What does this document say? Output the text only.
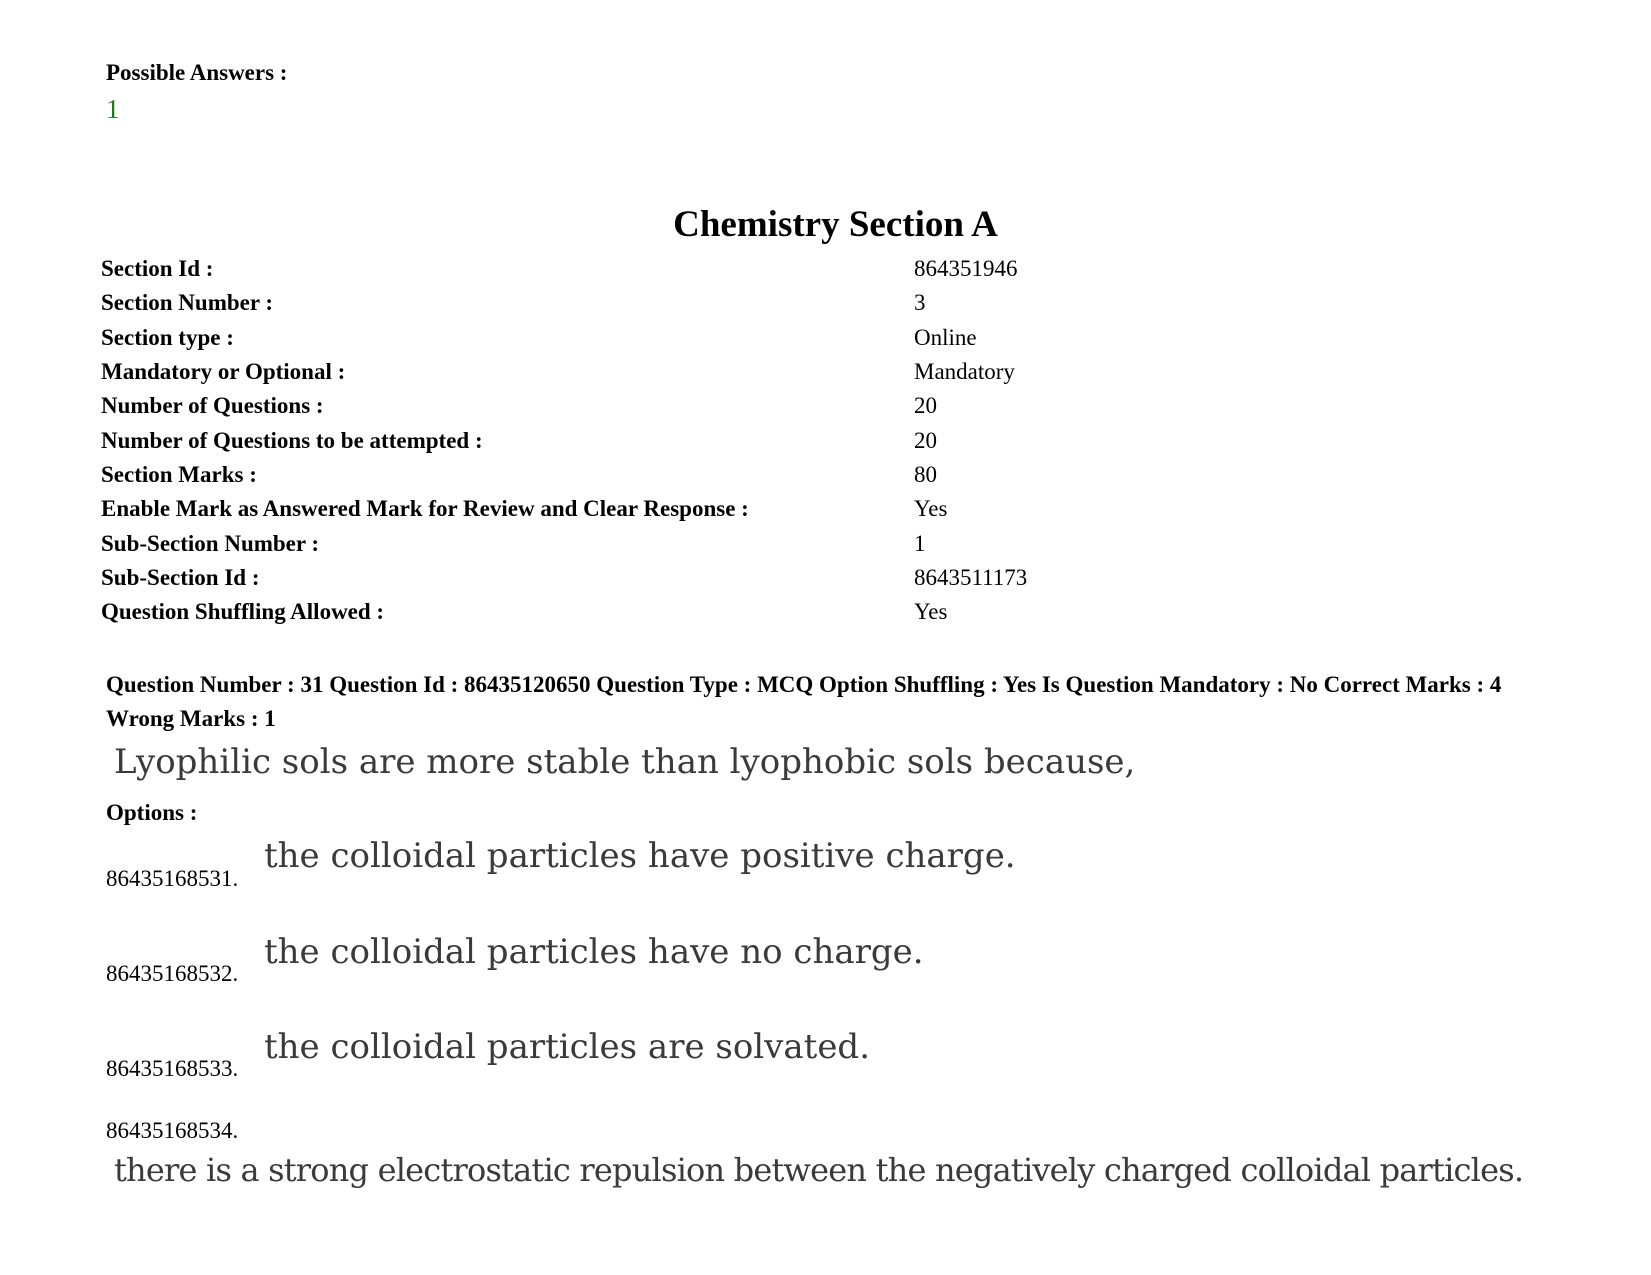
Possible Answers :
1
Chemistry Section A
Section Id :	864351946
Section Number :	3
Section type :	Online
Mandatory or Optional :	Mandatory
Number of Questions :	20
Number of Questions to be attempted :	20
Section Marks :	80
Enable Mark as Answered Mark for Review and Clear Response :	Yes
Sub-Section Number :	1
Sub-Section Id :	8643511173
Question Shuffling Allowed :	Yes
Question Number : 31 Question Id : 86435120650 Question Type : MCQ Option Shuffling : Yes Is Question Mandatory : No Correct Marks : 4 Wrong Marks : 1
Lyophilic sols are more stable than lyophobic sols because,
Options :
86435168531.
the colloidal particles have positive charge.
86435168532.
the colloidal particles have no charge.
86435168533.
the colloidal particles are solvated.
86435168534.
there is a strong electrostatic repulsion between the negatively charged colloidal particles.
